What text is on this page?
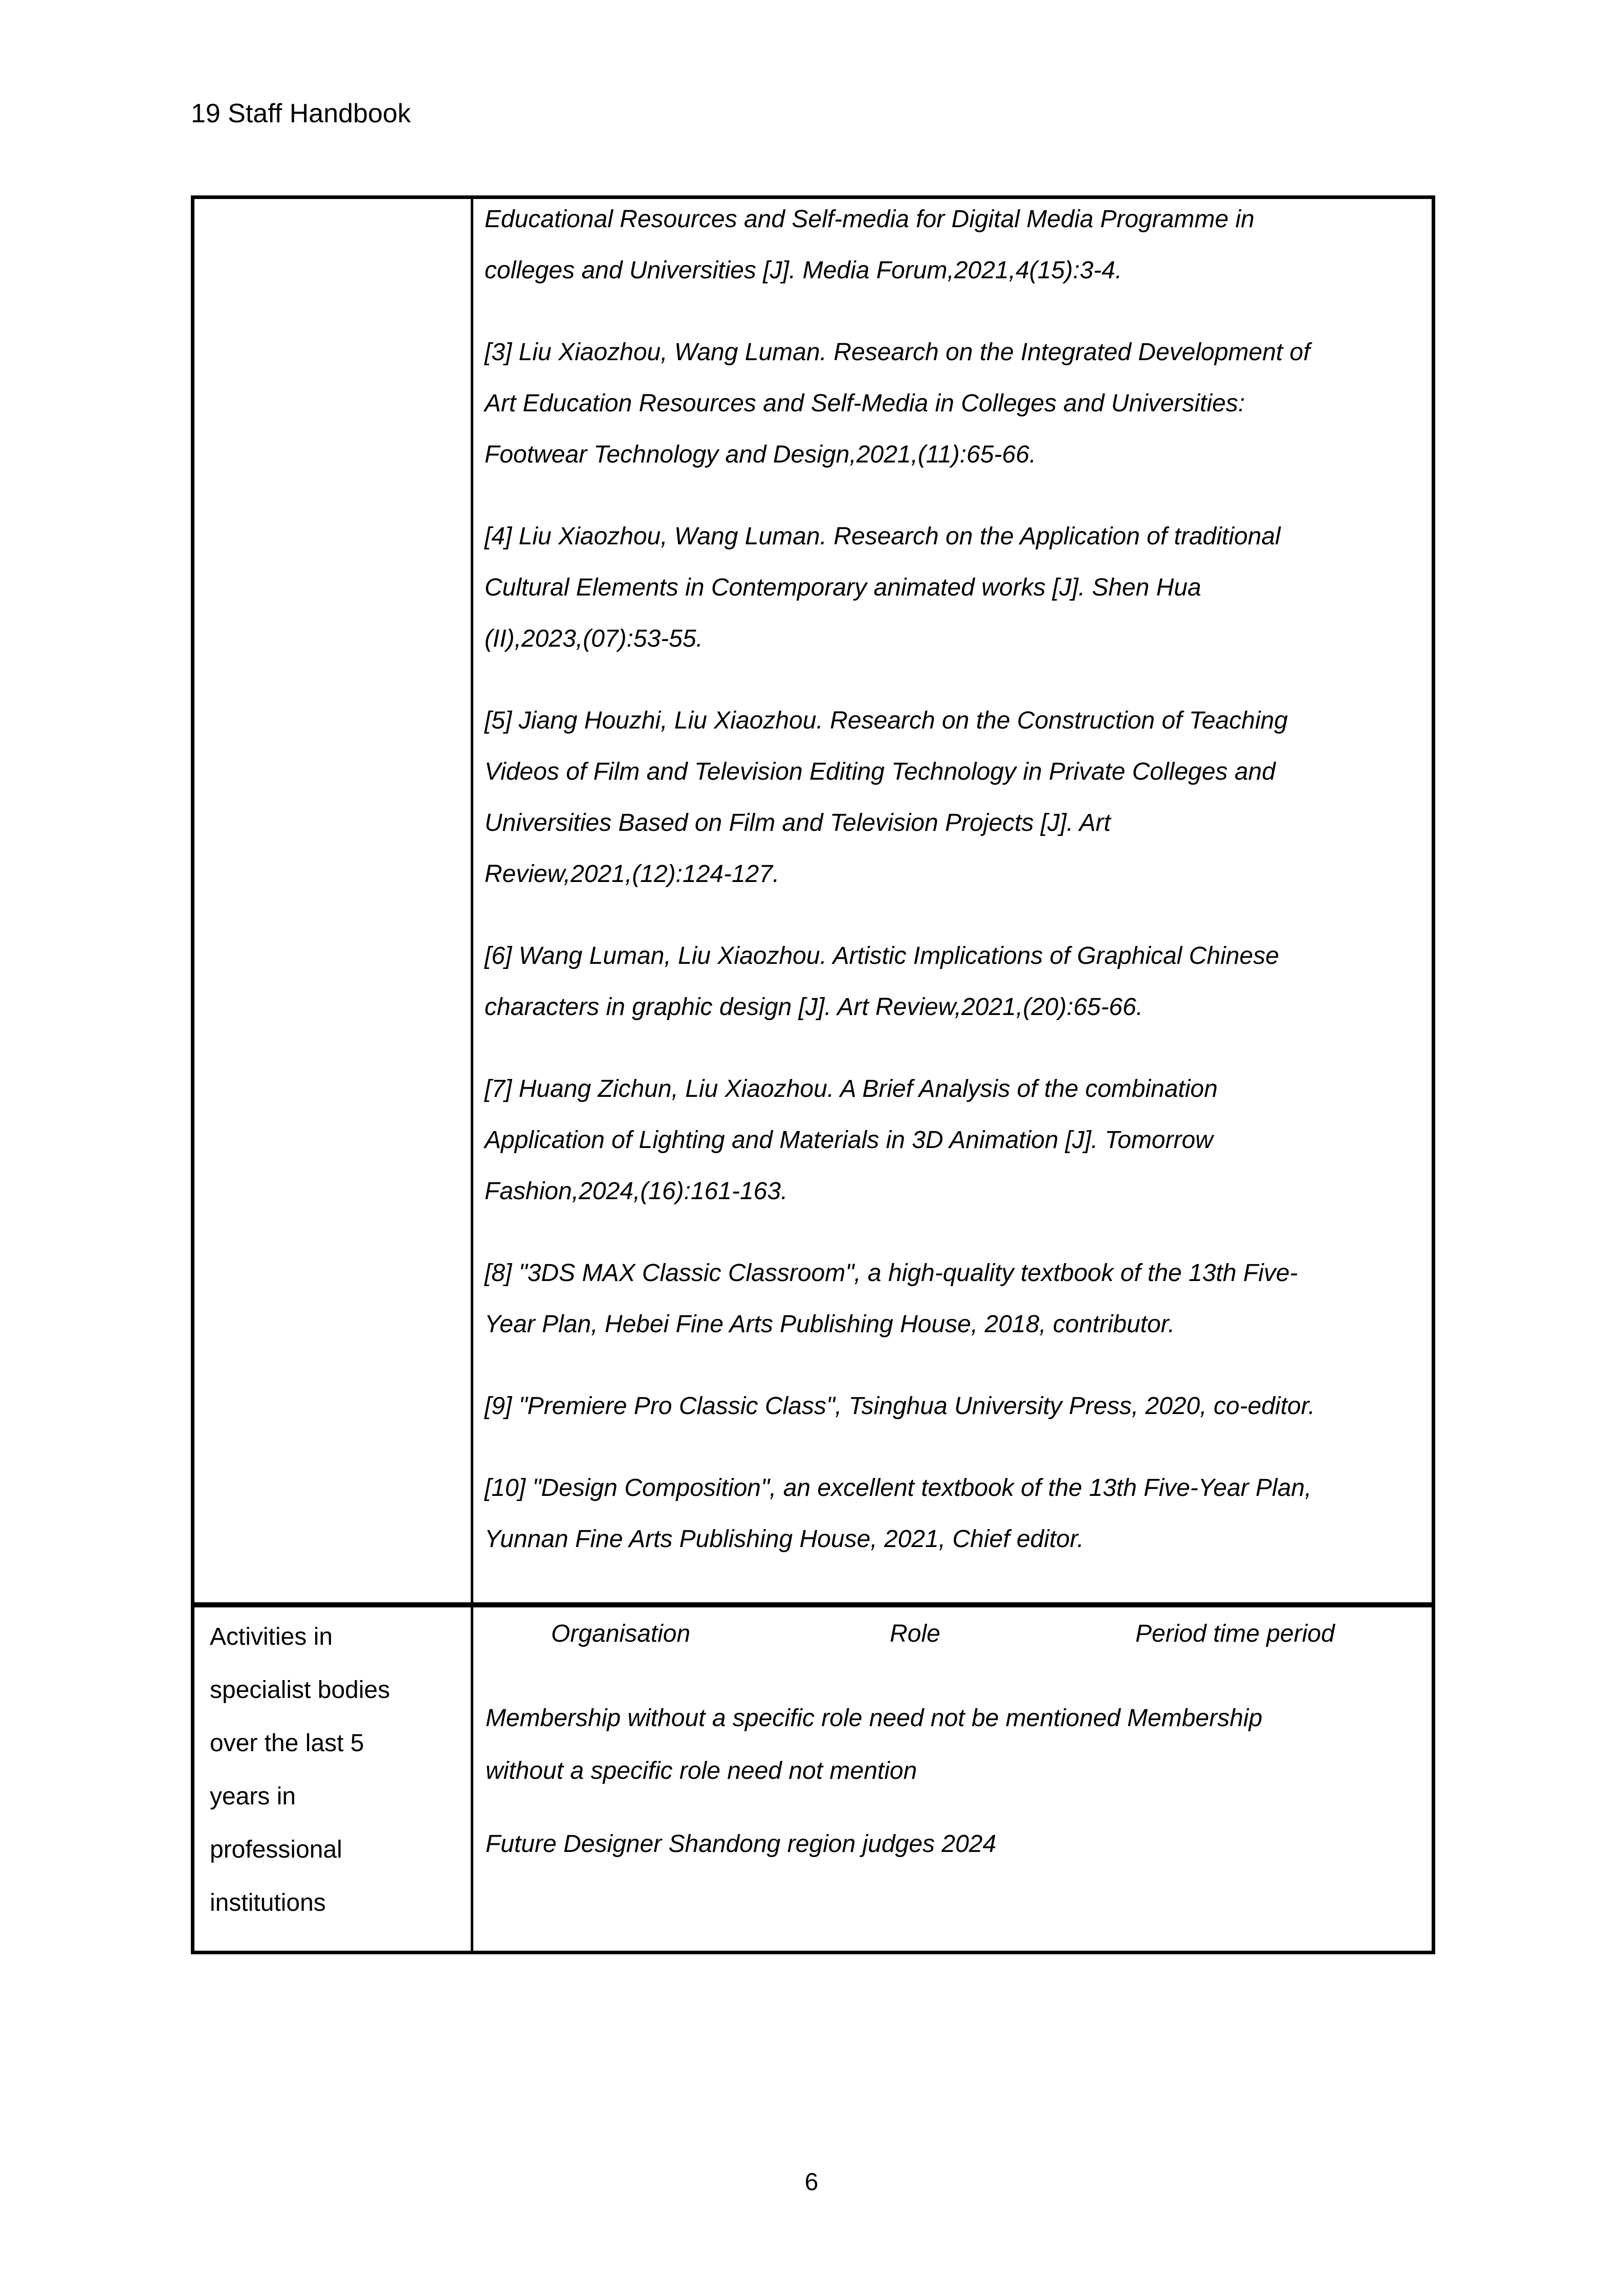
19 Staff Handbook
Educational Resources and Self-media for Digital Media Programme in
colleges and Universities [J]. Media Forum,2021,4(15):3-4.
[3] Liu Xiaozhou, Wang Luman. Research on the Integrated Development of
Art Education Resources and Self-Media in Colleges and Universities:
Footwear Technology and Design,2021,(11):65-66.
[4] Liu Xiaozhou, Wang Luman. Research on the Application of traditional
Cultural Elements in Contemporary animated works [J]. Shen Hua
(II),2023,(07):53-55.
[5] Jiang Houzhi, Liu Xiaozhou. Research on the Construction of Teaching
Videos of Film and Television Editing Technology in Private Colleges and
Universities Based on Film and Television Projects [J]. Art
Review,2021,(12):124-127.
[6] Wang Luman, Liu Xiaozhou. Artistic Implications of Graphical Chinese
characters in graphic design [J]. Art Review,2021,(20):65-66.
[7] Huang Zichun, Liu Xiaozhou. A Brief Analysis of the combination
Application of Lighting and Materials in 3D Animation [J]. Tomorrow
Fashion,2024,(16):161-163.
[8] "3DS MAX Classic Classroom", a high-quality textbook of the 13th Five-
Year Plan, Hebei Fine Arts Publishing House, 2018, contributor.
[9] "Premiere Pro Classic Class", Tsinghua University Press, 2020, co-editor.
[10] "Design Composition", an excellent textbook of the 13th Five-Year Plan,
Yunnan Fine Arts Publishing House, 2021, Chief editor.
Activities in
specialist bodies
over the last 5
years in
professional
institutions
Organisation	Role	Period time period
Membership without a specific role need not be mentioned Membership
without a specific role need not mention
Future Designer Shandong region judges 2024
6
